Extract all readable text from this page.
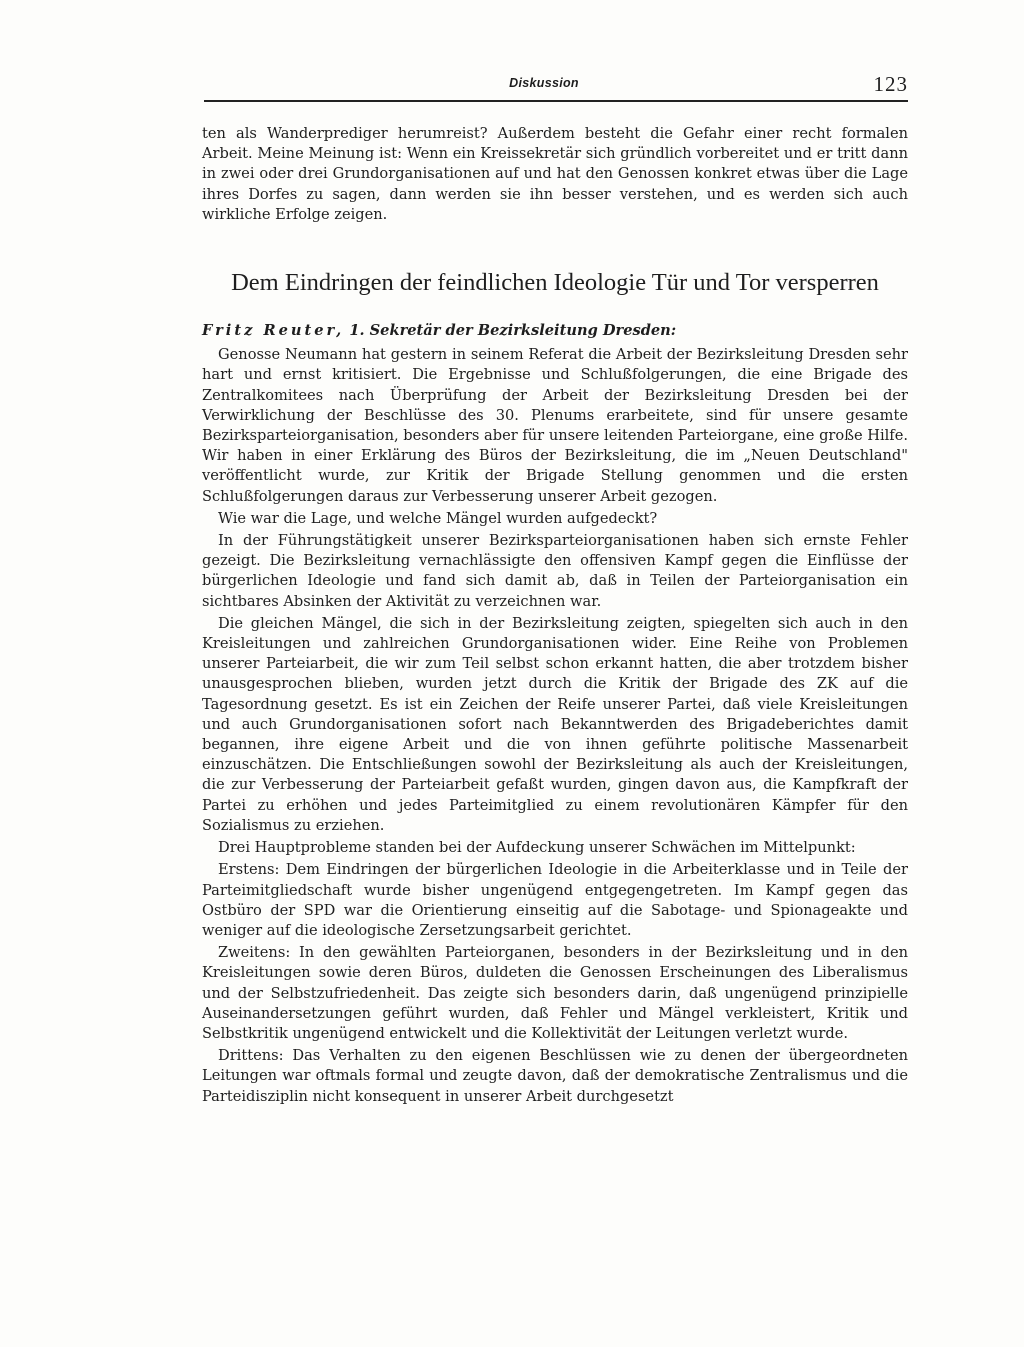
Diskussion	123

ten als Wanderprediger herumreist? Außerdem besteht die Gefahr einer recht formalen Arbeit. Meine Meinung ist: Wenn ein Kreissekretär sich gründlich vorbereitet und er tritt dann in zwei oder drei Grundorganisationen auf und hat den Genossen konkret etwas über die Lage ihres Dorfes zu sagen, dann werden sie ihn besser verstehen, und es werden sich auch wirkliche Erfolge zeigen.

Dem Eindringen der feindlichen Ideologie Tür und Tor versperren
Fritz Reuter, 1. Sekretär der Bezirksleitung Dresden:

Genosse Neumann hat gestern in seinem Referat die Arbeit der Bezirksleitung Dresden sehr hart und ernst kritisiert. Die Ergebnisse und Schlußfolgerungen, die eine Brigade des Zentralkomitees nach Überprüfung der Arbeit der Bezirksleitung Dresden bei der Verwirklichung der Beschlüsse des 30. Plenums erarbeitete, sind für unsere gesamte Bezirksparteiorganisation, besonders aber für unsere leitenden Parteiorgane, eine große Hilfe. Wir haben in einer Erklärung des Büros der Bezirksleitung, die im „Neuen Deutschland" veröffentlicht wurde, zur Kritik der Brigade Stellung genommen und die ersten Schlußfolgerungen daraus zur Verbesserung unserer Arbeit gezogen.

Wie war die Lage, und welche Mängel wurden aufgedeckt?

In der Führungstätigkeit unserer Bezirksparteiorganisationen haben sich ernste Fehler gezeigt. Die Bezirksleitung vernachlässigte den offensiven Kampf gegen die Einflüsse der bürgerlichen Ideologie und fand sich damit ab, daß in Teilen der Parteiorganisation ein sichtbares Absinken der Aktivität zu verzeichnen war.

Die gleichen Mängel, die sich in der Bezirksleitung zeigten, spiegelten sich auch in den Kreisleitungen und zahlreichen Grundorganisationen wider. Eine Reihe von Problemen unserer Parteiarbeit, die wir zum Teil selbst schon erkannt hatten, die aber trotzdem bisher unausgesprochen blieben, wurden jetzt durch die Kritik der Brigade des ZK auf die Tagesordnung gesetzt. Es ist ein Zeichen der Reife unserer Partei, daß viele Kreisleitungen und auch Grundorganisationen sofort nach Bekanntwerden des Brigadeberichtes damit begannen, ihre eigene Arbeit und die von ihnen geführte politische Massenarbeit einzuschätzen. Die Entschließungen sowohl der Bezirksleitung als auch der Kreisleitungen, die zur Verbesserung der Parteiarbeit gefaßt wurden, gingen davon aus, die Kampfkraft der Partei zu erhöhen und jedes Parteimitglied zu einem revolutionären Kämpfer für den Sozialismus zu erziehen.

Drei Hauptprobleme standen bei der Aufdeckung unserer Schwächen im Mittelpunkt:

Erstens: Dem Eindringen der bürgerlichen Ideologie in die Arbeiterklasse und in Teile der Parteimitgliedschaft wurde bisher ungenügend entgegengetreten. Im Kampf gegen das Ostbüro der SPD war die Orientierung einseitig auf die Sabotage- und Spionageakte und weniger auf die ideologische Zersetzungsarbeit gerichtet.

Zweitens: In den gewählten Parteiorganen, besonders in der Bezirksleitung und in den Kreisleitungen sowie deren Büros, duldeten die Genossen Erscheinungen des Liberalismus und der Selbstzufriedenheit. Das zeigte sich besonders darin, daß ungenügend prinzipielle Auseinandersetzungen geführt wurden, daß Fehler und Mängel verkleistert, Kritik und Selbstkritik ungenügend entwickelt und die Kollektivität der Leitungen verletzt wurde.

Drittens: Das Verhalten zu den eigenen Beschlüssen wie zu denen der übergeordneten Leitungen war oftmals formal und zeugte davon, daß der demokratische Zentralismus und die Parteidisziplin nicht konsequent in unserer Arbeit durchgesetzt
